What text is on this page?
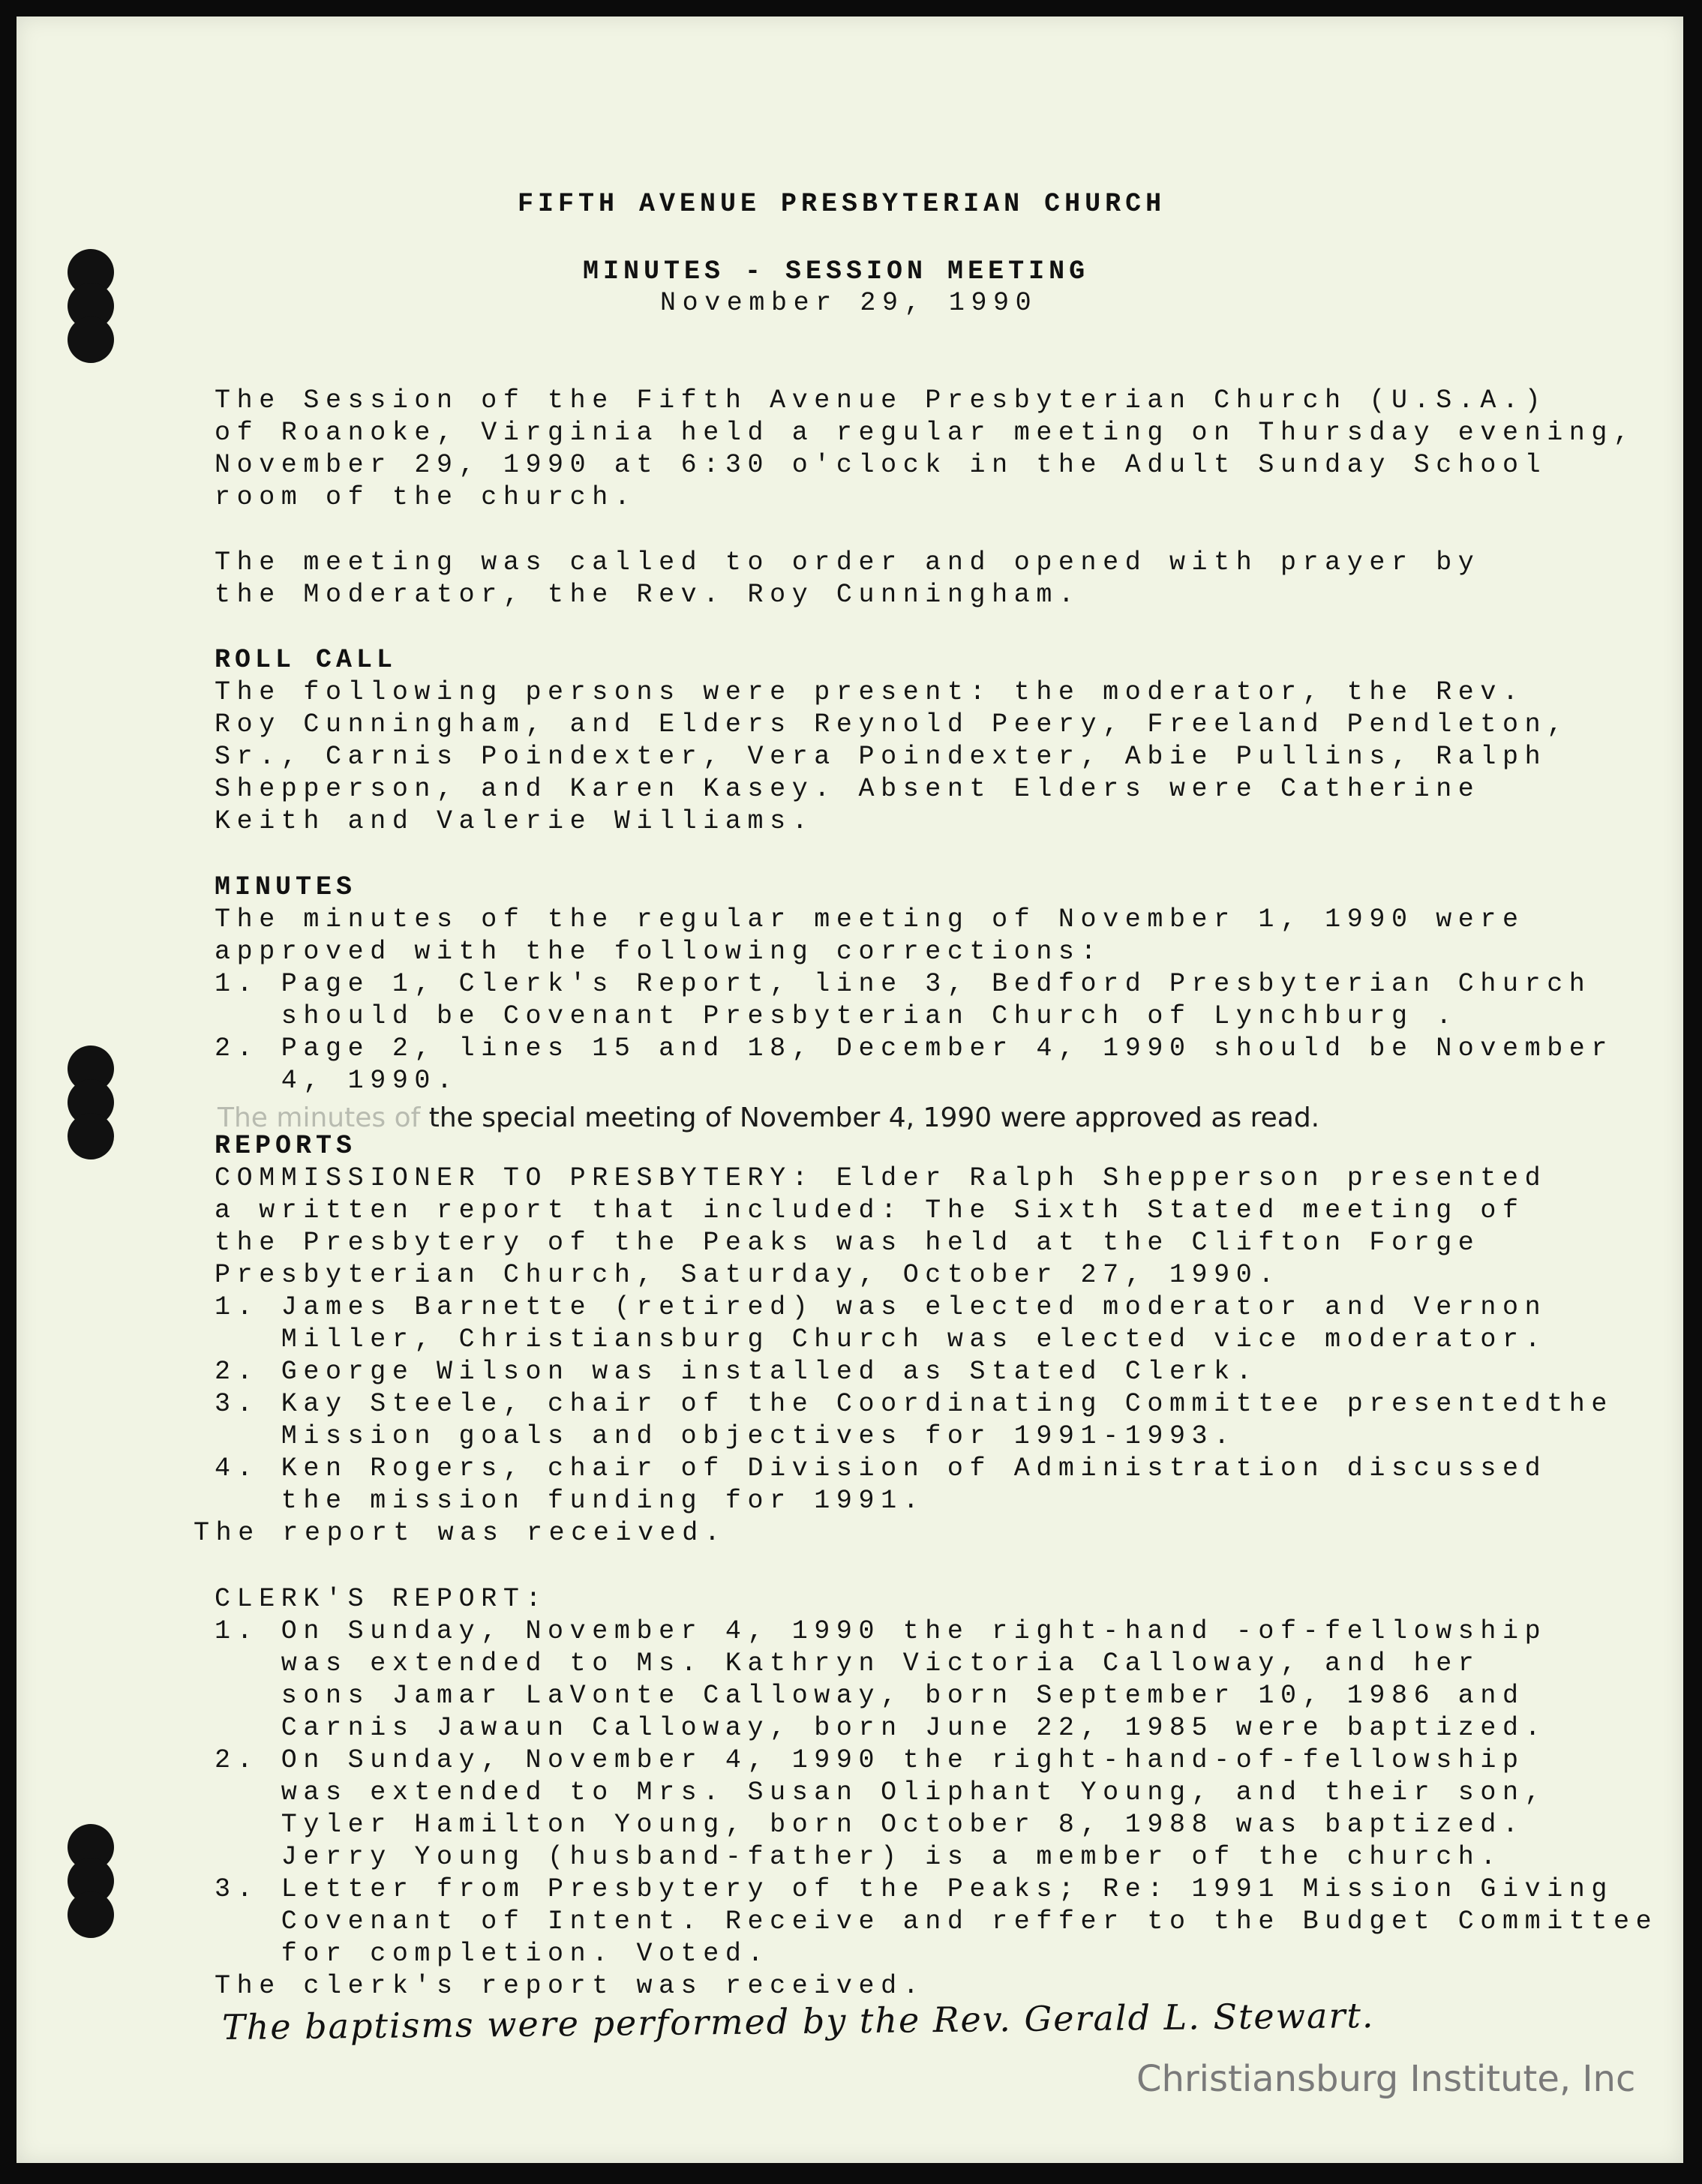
FIFTH AVENUE PRESBYTERIAN CHURCH
MINUTES - SESSION MEETING
November 29, 1990
The Session of the Fifth Avenue Presbyterian Church (U.S.A.)
of Roanoke, Virginia held a regular meeting on Thursday evening,
November 29, 1990 at 6:30 o'clock in the Adult Sunday School
room of the church.
The meeting was called to order and opened with prayer by
the Moderator, the Rev. Roy Cunningham.
ROLL CALL
The following persons were present: the moderator, the Rev.
Roy Cunningham, and Elders Reynold Peery, Freeland Pendleton,
Sr., Carnis Poindexter, Vera Poindexter, Abie Pullins, Ralph
Shepperson, and Karen Kasey. Absent Elders were Catherine
Keith and Valerie Williams.
MINUTES
The minutes of the regular meeting of November 1, 1990 were
approved with the following corrections:
1. Page 1, Clerk's Report, line 3, Bedford Presbyterian Church
should be Covenant Presbyterian Church of Lynchburg .
2. Page 2, lines 15 and 18, December 4, 1990 should be November
4, 1990.
The minutes of the special meeting of November 4, 1990 were approved as read.
REPORTS
COMMISSIONER TO PRESBYTERY: Elder Ralph Shepperson presented
a written report that included: The Sixth Stated meeting of
the Presbytery of the Peaks was held at the Clifton Forge
Presbyterian Church, Saturday, October 27, 1990.
1. James Barnette (retired) was elected moderator and Vernon
Miller, Christiansburg Church was elected vice moderator.
2. George Wilson was installed as Stated Clerk.
3. Kay Steele, chair of the Coordinating Committee presentedthe
Mission goals and objectives for 1991-1993.
4. Ken Rogers, chair of Division of Administration discussed
the mission funding for 1991.
The report was received.
CLERK'S REPORT:
1. On Sunday, November 4, 1990 the right-hand -of-fellowship
was extended to Ms. Kathryn Victoria Calloway, and her
sons Jamar LaVonte Calloway, born September 10, 1986 and
Carnis Jawaun Calloway, born June 22, 1985 were baptized.
2. On Sunday, November 4, 1990 the right-hand-of-fellowship
was extended to Mrs. Susan Oliphant Young, and their son,
Tyler Hamilton Young, born October 8, 1988 was baptized.
Jerry Young (husband-father) is a member of the church.
3. Letter from Presbytery of the Peaks; Re: 1991 Mission Giving
Covenant of Intent. Receive and reffer to the Budget Committee
for completion. Voted.
The clerk's report was received.
The baptisms were performed by the Rev. Gerald L. Stewart.
Christiansburg Institute, Inc
